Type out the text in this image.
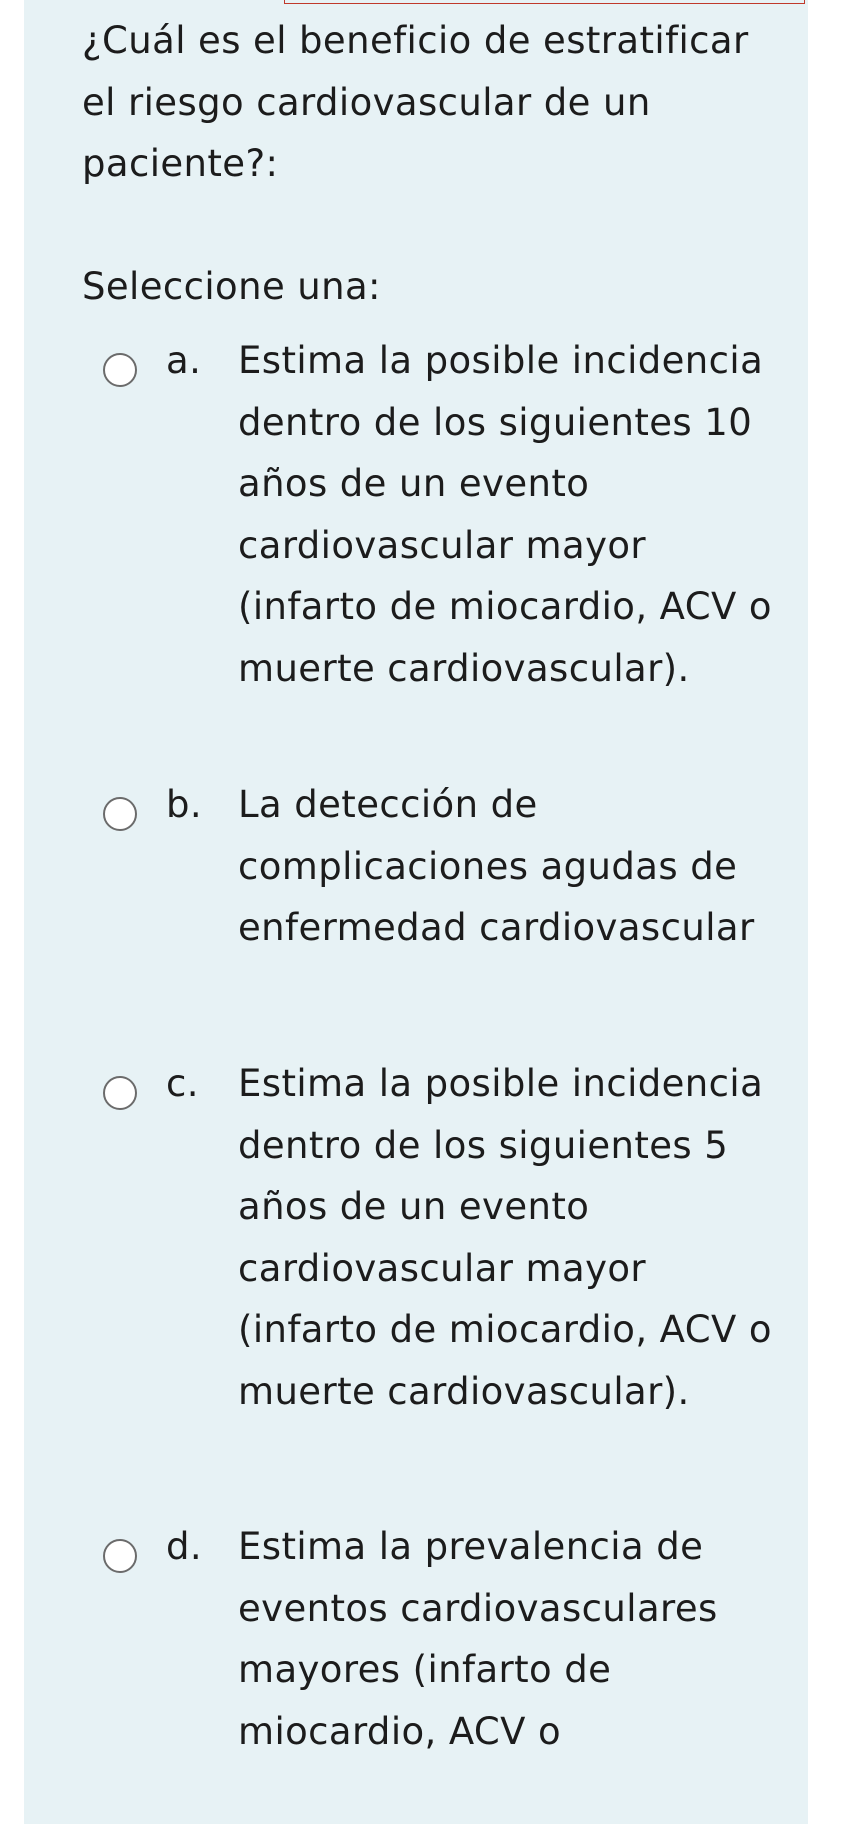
¿Cuál es el beneficio de estratificar el riesgo cardiovascular de un paciente?:

Seleccione una:
a. Estima la posible incidencia dentro de los siguientes 10 años de un evento cardiovascular mayor (infarto de miocardio, ACV o muerte cardiovascular).
b. La detección de complicaciones agudas de enfermedad cardiovascular
c. Estima la posible incidencia dentro de los siguientes 5 años de un evento cardiovascular mayor (infarto de miocardio, ACV o muerte cardiovascular).
d. Estima la prevalencia de eventos cardiovasculares mayores (infarto de miocardio, ACV o
